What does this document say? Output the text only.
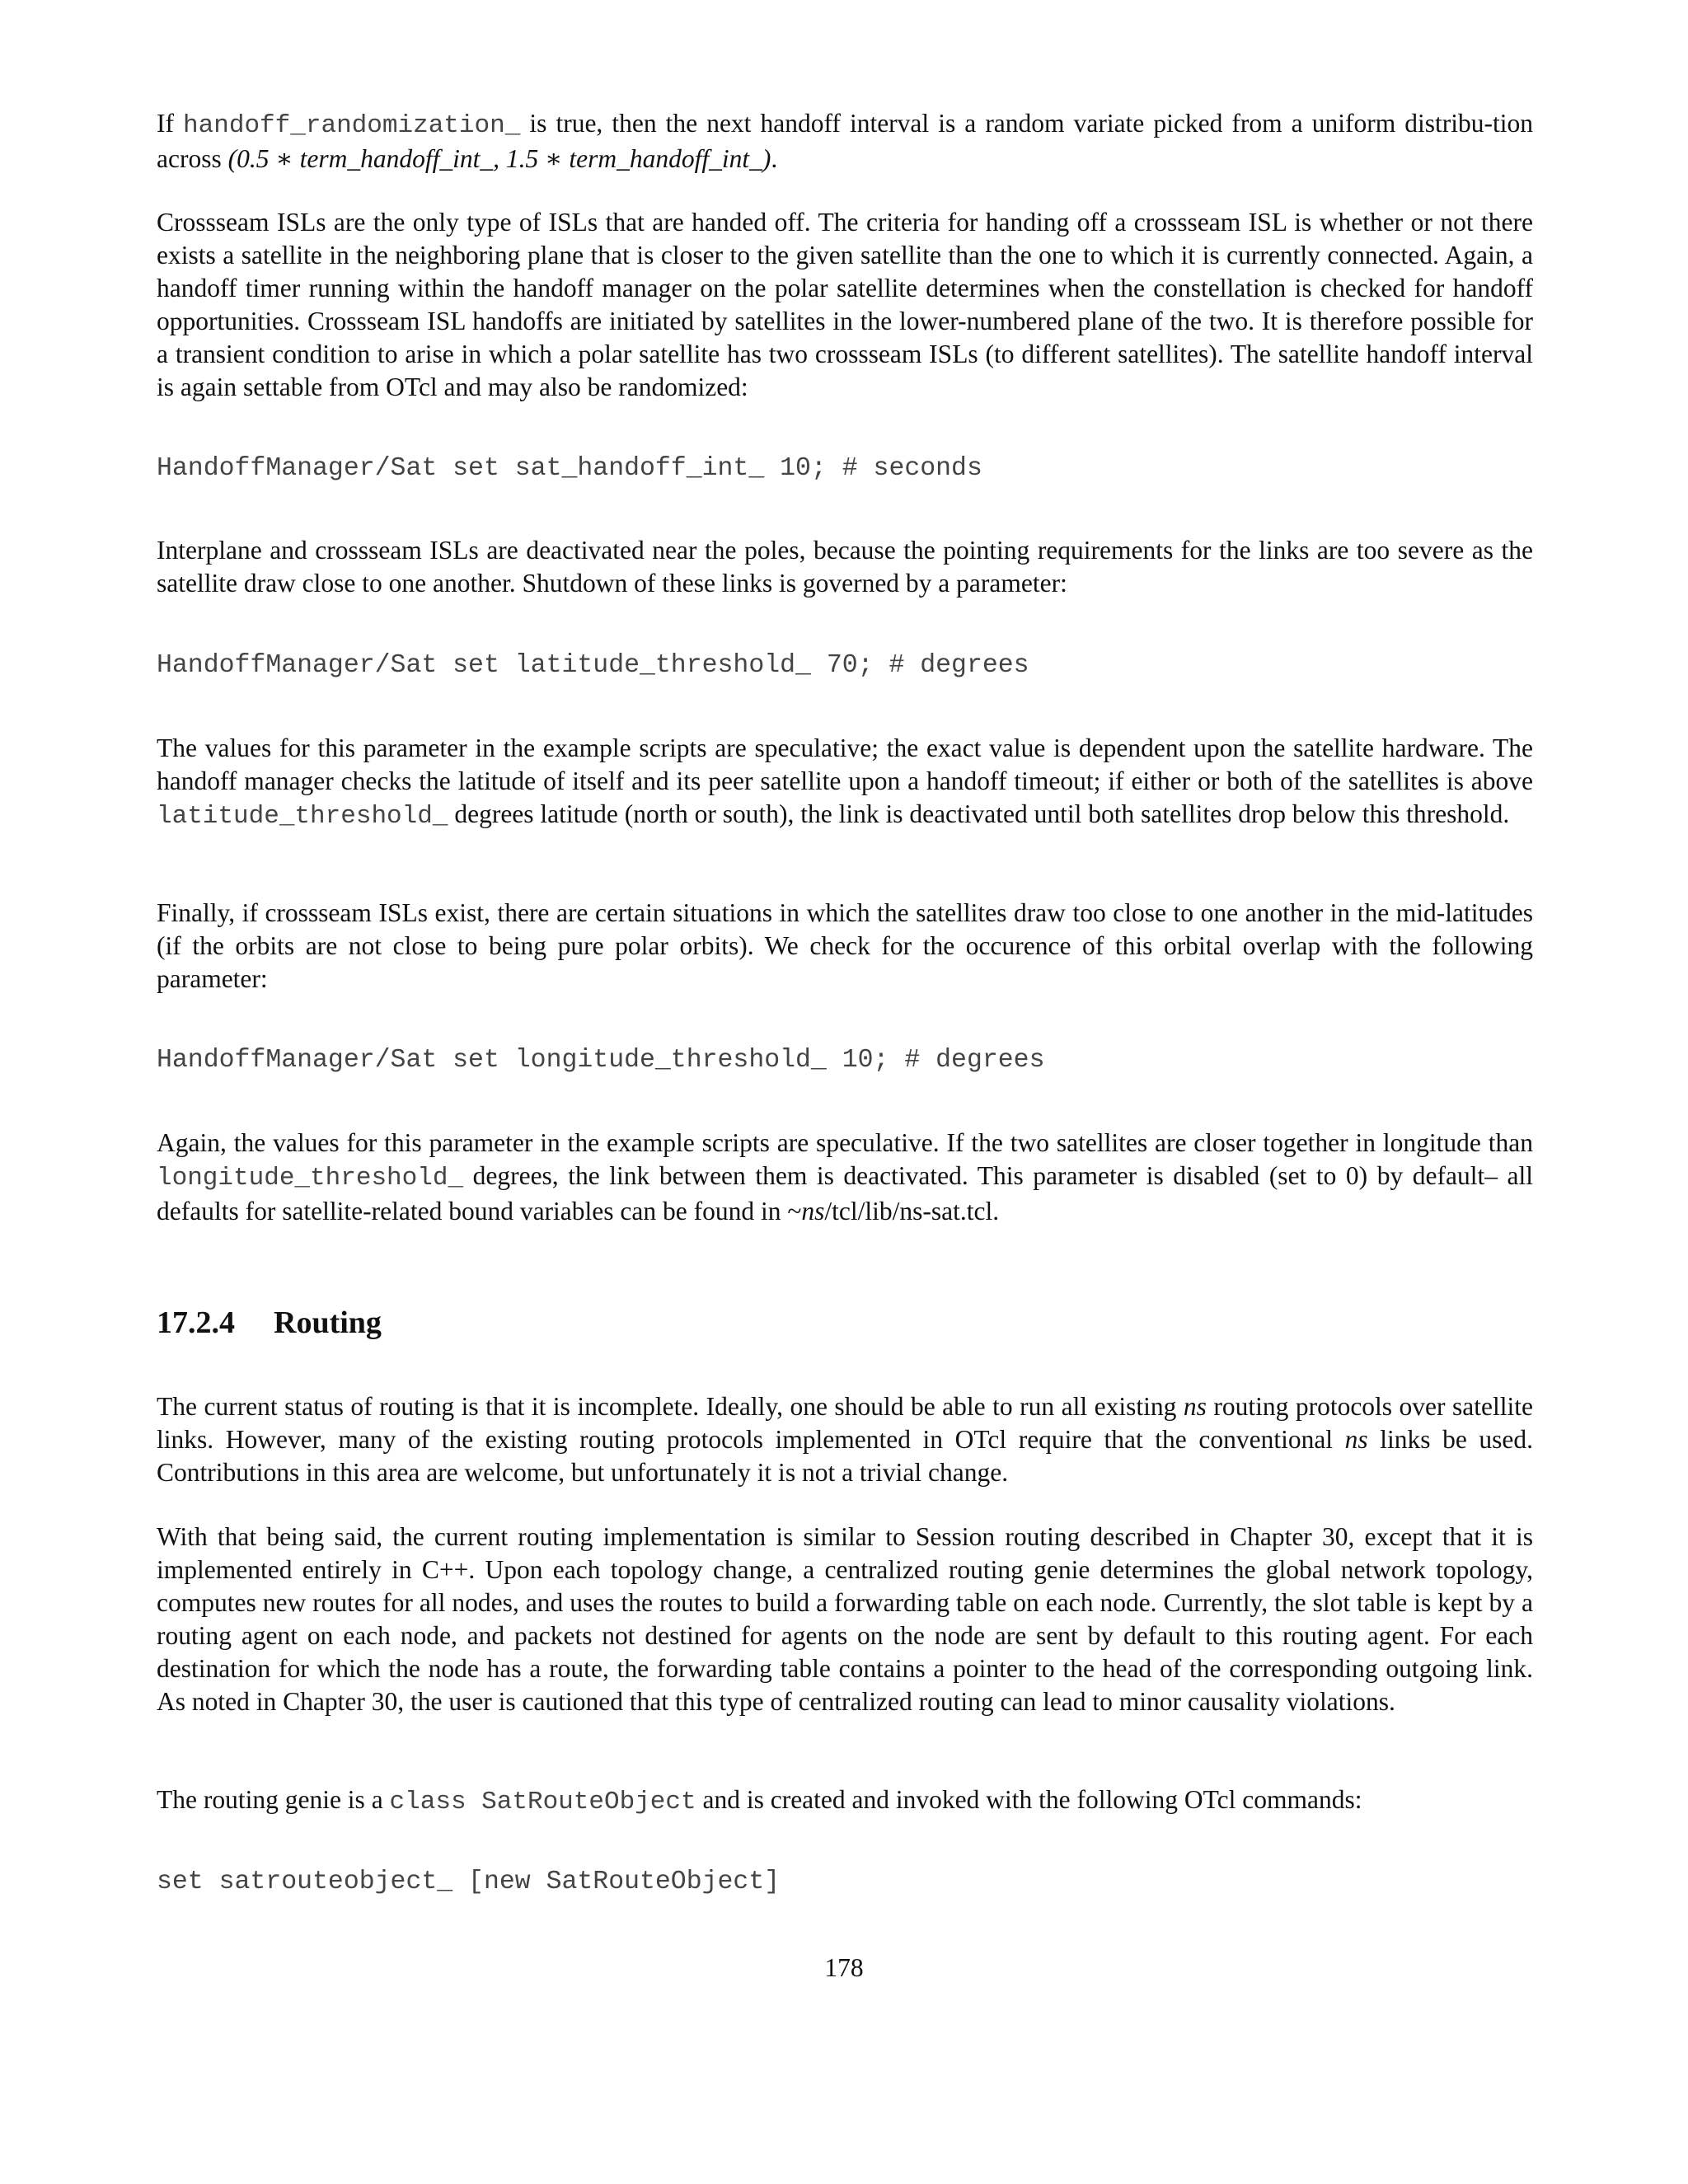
If handoff_randomization_ is true, then the next handoff interval is a random variate picked from a uniform distribu-tion across (0.5 ∗ term_handoff_int_, 1.5 ∗ term_handoff_int_).

Crossseam ISLs are the only type of ISLs that are handed off. The criteria for handing off a crossseam ISL is whether or not there exists a satellite in the neighboring plane that is closer to the given satellite than the one to which it is currently connected. Again, a handoff timer running within the handoff manager on the polar satellite determines when the constellation is checked for handoff opportunities. Crossseam ISL handoffs are initiated by satellites in the lower-numbered plane of the two. It is therefore possible for a transient condition to arise in which a polar satellite has two crossseam ISLs (to different satellites). The satellite handoff interval is again settable from OTcl and may also be randomized:

HandoffManager/Sat set sat_handoff_int_ 10; # seconds

Interplane and crossseam ISLs are deactivated near the poles, because the pointing requirements for the links are too severe as the satellite draw close to one another. Shutdown of these links is governed by a parameter:

HandoffManager/Sat set latitude_threshold_ 70; # degrees

The values for this parameter in the example scripts are speculative; the exact value is dependent upon the satellite hardware. The handoff manager checks the latitude of itself and its peer satellite upon a handoff timeout; if either or both of the satellites is above latitude_threshold_ degrees latitude (north or south), the link is deactivated until both satellites drop below this threshold.

Finally, if crossseam ISLs exist, there are certain situations in which the satellites draw too close to one another in the mid-latitudes (if the orbits are not close to being pure polar orbits). We check for the occurence of this orbital overlap with the following parameter:

HandoffManager/Sat set longitude_threshold_ 10; # degrees

Again, the values for this parameter in the example scripts are speculative. If the two satellites are closer together in longitude than longitude_threshold_ degrees, the link between them is deactivated. This parameter is disabled (set to 0) by default– all defaults for satellite-related bound variables can be found in ~ns/tcl/lib/ns-sat.tcl.

17.2.4 Routing

The current status of routing is that it is incomplete. Ideally, one should be able to run all existing ns routing protocols over satellite links. However, many of the existing routing protocols implemented in OTcl require that the conventional ns links be used. Contributions in this area are welcome, but unfortunately it is not a trivial change.

With that being said, the current routing implementation is similar to Session routing described in Chapter 30, except that it is implemented entirely in C++. Upon each topology change, a centralized routing genie determines the global network topology, computes new routes for all nodes, and uses the routes to build a forwarding table on each node. Currently, the slot table is kept by a routing agent on each node, and packets not destined for agents on the node are sent by default to this routing agent. For each destination for which the node has a route, the forwarding table contains a pointer to the head of the corresponding outgoing link. As noted in Chapter 30, the user is cautioned that this type of centralized routing can lead to minor causality violations.

The routing genie is a class SatRouteObject and is created and invoked with the following OTcl commands:

set satrouteobject_ [new SatRouteObject]
178
